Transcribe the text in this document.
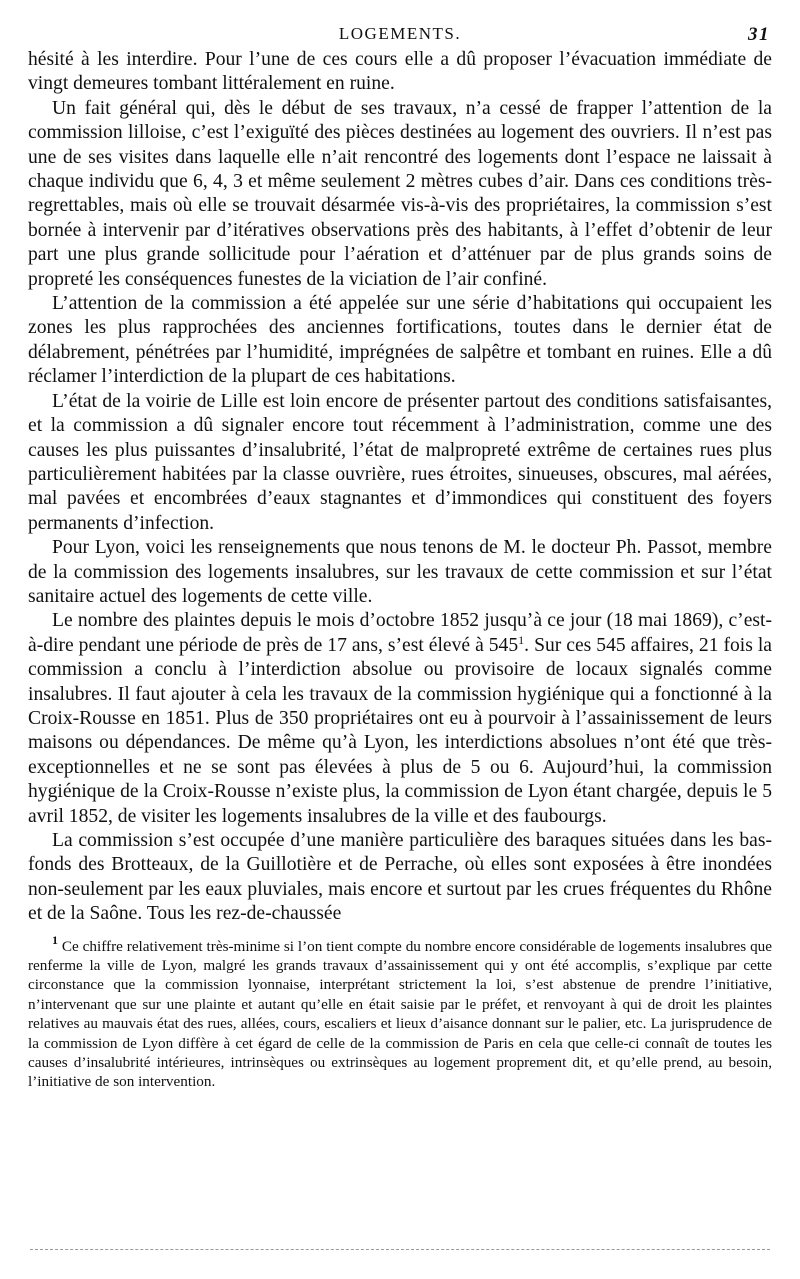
LOGEMENTS.	31

hésité à les interdire. Pour l’une de ces cours elle a dû proposer l’évacuation immédiate de vingt demeures tombant littéralement en ruine.

Un fait général qui, dès le début de ses travaux, n’a cessé de frapper l’attention de la commission lilloise, c’est l’exiguïté des pièces destinées au logement des ouvriers. Il n’est pas une de ses visites dans laquelle elle n’ait rencontré des logements dont l’espace ne laissait à chaque individu que 6, 4, 3 et même seulement 2 mètres cubes d’air. Dans ces conditions très-regrettables, mais où elle se trouvait désarmée vis-à-vis des propriétaires, la commission s’est bornée à intervenir par d’itératives observations près des habitants, à l’effet d’obtenir de leur part une plus grande sollicitude pour l’aération et d’atténuer par de plus grands soins de propreté les conséquences funestes de la viciation de l’air confiné.

L’attention de la commission a été appelée sur une série d’habitations qui occupaient les zones les plus rapprochées des anciennes fortifications, toutes dans le dernier état de délabrement, pénétrées par l’humidité, imprégnées de salpêtre et tombant en ruines. Elle a dû réclamer l’interdiction de la plupart de ces habitations.

L’état de la voirie de Lille est loin encore de présenter partout des conditions satisfaisantes, et la commission a dû signaler encore tout récemment à l’administration, comme une des causes les plus puissantes d’insalubrité, l’état de malpropreté extrême de certaines rues plus particulièrement habitées par la classe ouvrière, rues étroites, sinueuses, obscures, mal aérées, mal pavées et encombrées d’eaux stagnantes et d’immondices qui constituent des foyers permanents d’infection.

Pour Lyon, voici les renseignements que nous tenons de M. le docteur Ph. Passot, membre de la commission des logements insalubres, sur les travaux de cette commission et sur l’état sanitaire actuel des logements de cette ville.

Le nombre des plaintes depuis le mois d’octobre 1852 jusqu’à ce jour (18 mai 1869), c’est-à-dire pendant une période de près de 17 ans, s’est élevé à $545^1$. Sur ces 545 affaires, 21 fois la commission a conclu à l’interdiction absolue ou provisoire de locaux signalés comme insalubres. Il faut ajouter à cela les travaux de la commission hygiénique qui a fonctionné à la Croix-Rousse en 1851. Plus de 350 propriétaires ont eu à pourvoir à l’assainissement de leurs maisons ou dépendances. De même qu’à Lyon, les interdictions absolues n’ont été que très-exceptionnelles et ne se sont pas élevées à plus de 5 ou 6. Aujourd’hui, la commission hygiénique de la Croix-Rousse n’existe plus, la commission de Lyon étant chargée, depuis le 5 avril 1852, de visiter les logements insalubres de la ville et des faubourgs.

La commission s’est occupée d’une manière particulière des baraques situées dans les bas-fonds des Brotteaux, de la Guillotière et de Perrache, où elles sont exposées à être inondées non-seulement par les eaux pluviales, mais encore et surtout par les crues fréquentes du Rhône et de la Saône. Tous les rez-de-chaussée

$^1$ Ce chiffre relativement très-minime si l’on tient compte du nombre encore considérable de logements insalubres que renferme la ville de Lyon, malgré les grands travaux d’assainissement qui y ont été accomplis, s’explique par cette circonstance que la commission lyonnaise, interprétant strictement la loi, s’est abstenue de prendre l’initiative, n’intervenant que sur une plainte et autant qu’elle en était saisie par le préfet, et renvoyant à qui de droit les plaintes relatives au mauvais état des rues, allées, cours, escaliers et lieux d’aisance donnant sur le palier, etc. La jurisprudence de la commission de Lyon diffère à cet égard de celle de la commission de Paris en cela que celle-ci connaît de toutes les causes d’insalubrité intérieures, intrinsèques ou extrinsèques au logement proprement dit, et qu’elle prend, au besoin, l’initiative de son intervention.
